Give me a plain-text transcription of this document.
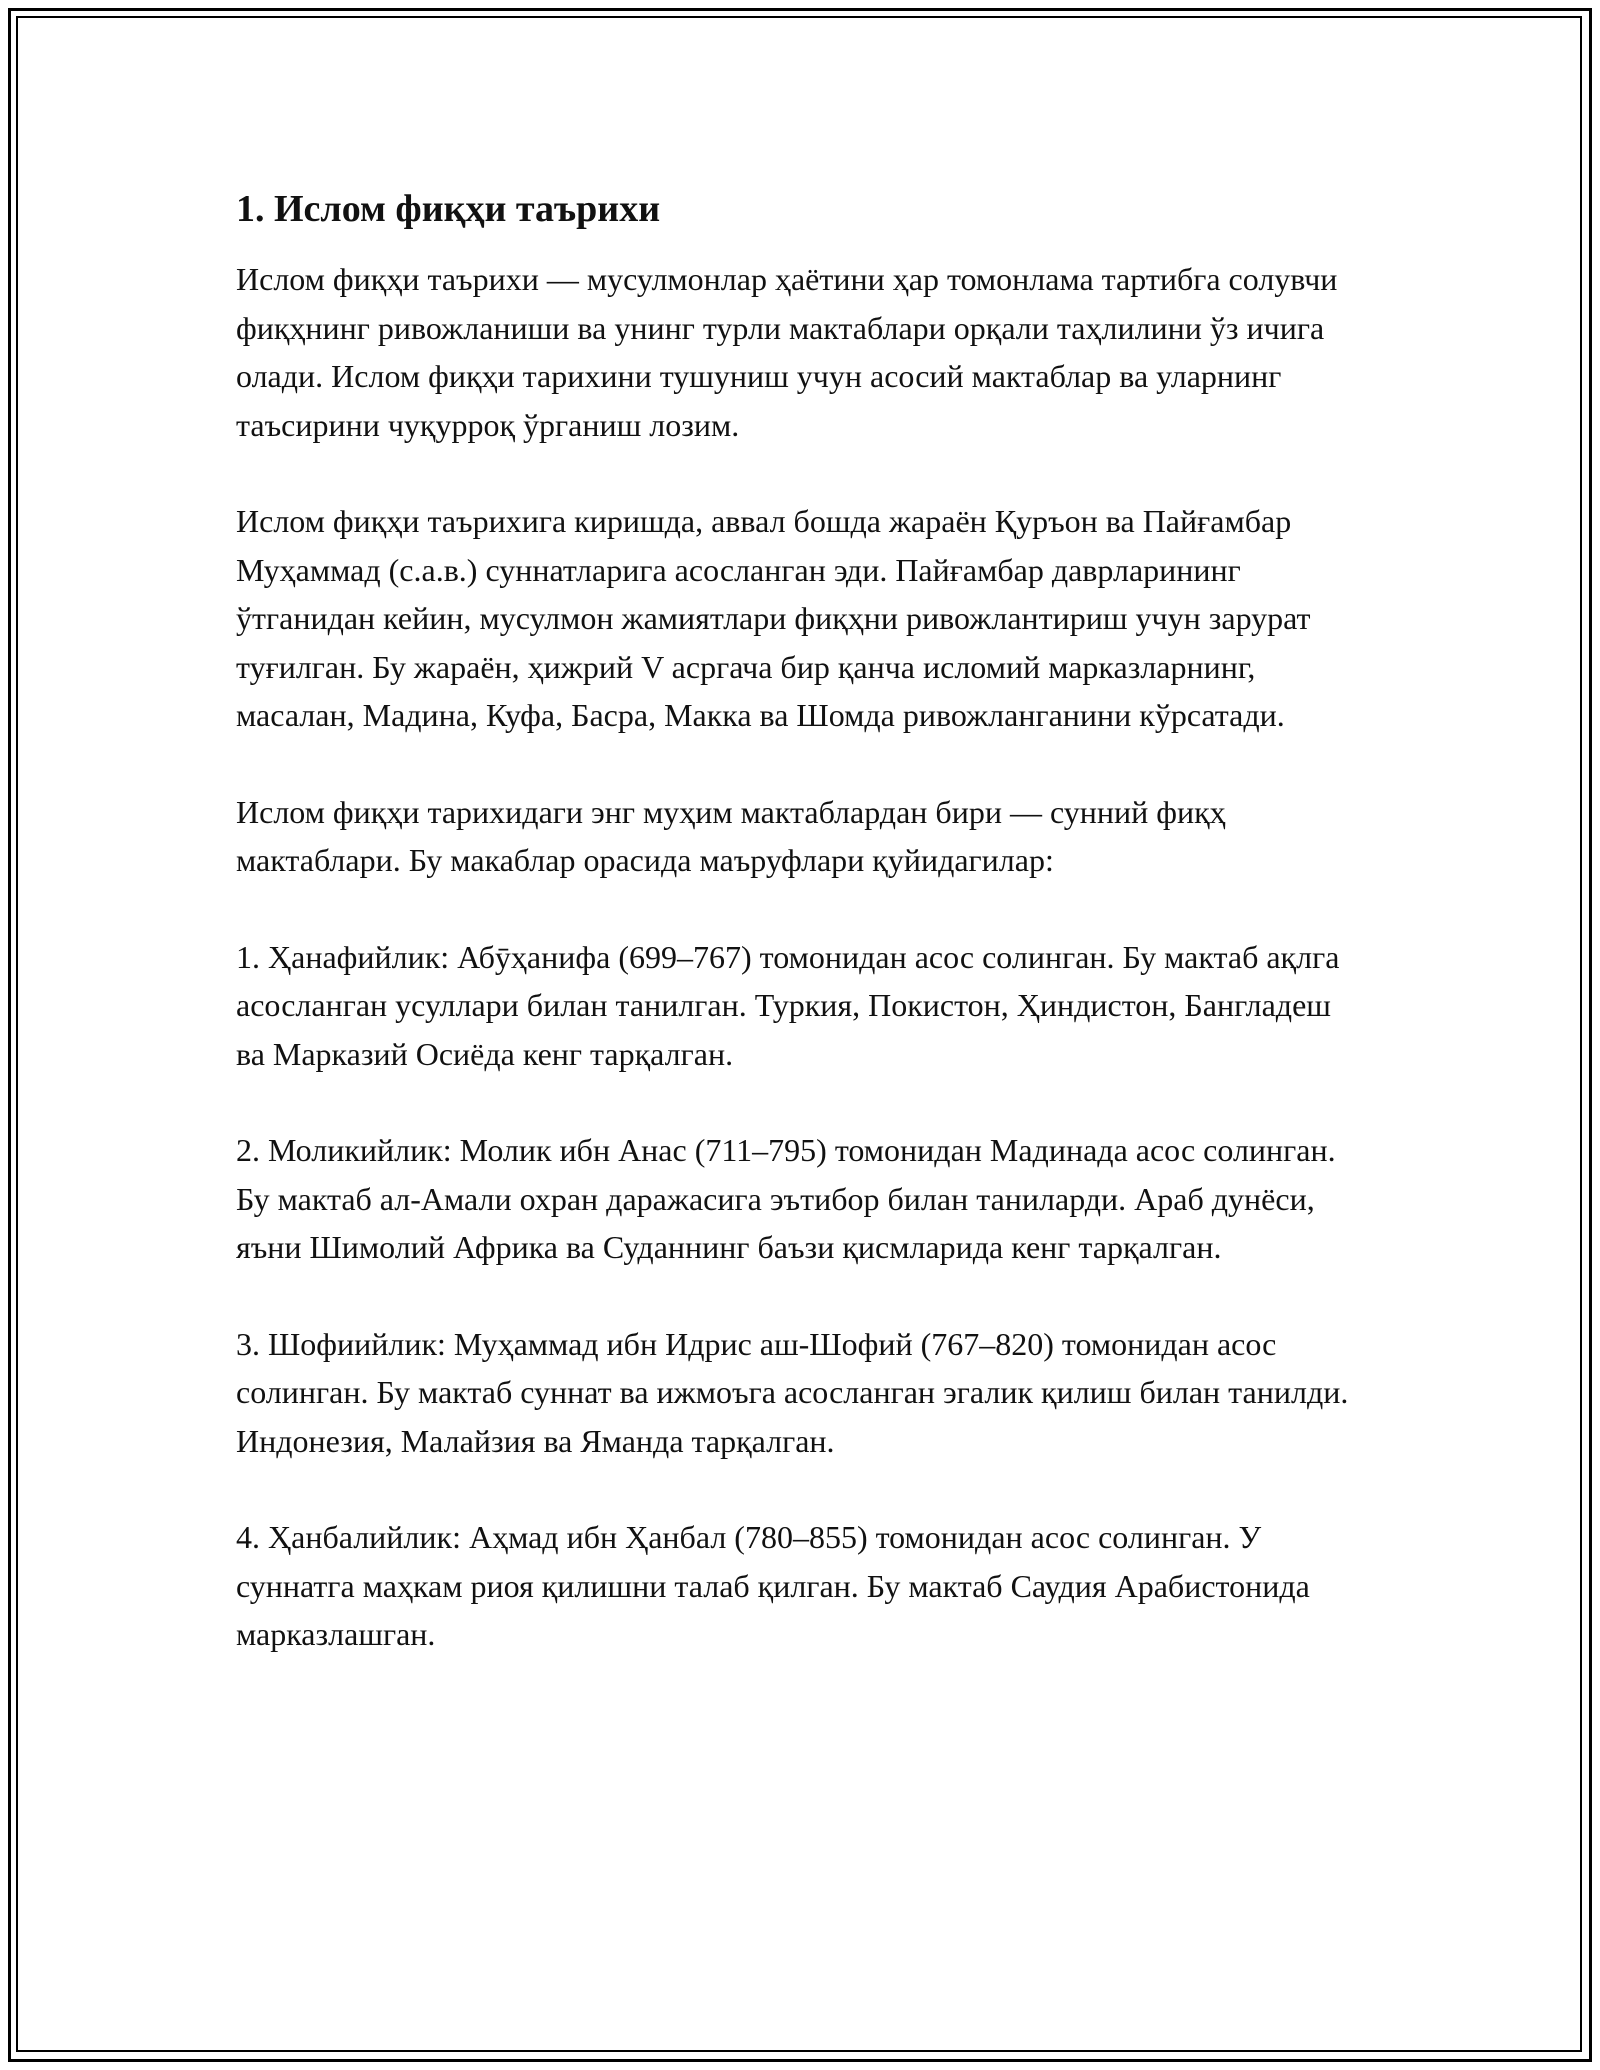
1. Ислом фиқҳи таърихи

Ислом фиқҳи таърихи — мусулмонлар ҳаётини ҳар томонлама тартибга солувчи фиқҳнинг ривожланиши ва унинг турли мактаблари орқали таҳлилини ўз ичига олади. Ислом фиқҳи тарихини тушуниш учун асосий мактаблар ва уларнинг таъсирини чуқурроқ ўрганиш лозим.

Ислом фиқҳи таърихига киришда, аввал бошда жараён Қуръон ва Пайғамбар Муҳаммад (с.а.в.) суннатларига асосланган эди. Пайғамбар даврларининг ўтганидан кейин, мусулмон жамиятлари фиқҳни ривожлантириш учун зарурат туғилган. Бу жараён, ҳижрий V асргача бир қанча исломий марказларнинг, масалан, Мадина, Куфа, Басра, Макка ва Шомда ривожланганини кўрсатади.

Ислом фиқҳи тарихидаги энг муҳим мактаблардан бири — сунний фиқҳ мактаблари. Бу макаблар орасида маъруфлари қуйидагилар:

1. Ҳанафийлик: Абӯҳанифа (699–767) томонидан асос солинган. Бу мактаб ақлга асосланган усуллари билан танилган. Туркия, Покистон, Ҳиндистон, Бангладеш ва Марказий Осиёда кенг тарқалган.

2. Моликийлик: Молик ибн Анас (711–795) томонидан Мадинада асос солинган. Бу мактаб ал-Амали охран даражасига эътибор билан таниларди. Араб дунёси, яъни Шимолий Африка ва Суданнинг баъзи қисмларида кенг тарқалган.

3. Шофиийлик: Муҳаммад ибн Идрис аш-Шофий (767–820) томонидан асос солинган. Бу мактаб суннат ва ижмоъга асосланган эгалик қилиш билан танилди. Индонезия, Малайзия ва Яманда тарқалган.

4. Ҳанбалийлик: Аҳмад ибн Ҳанбал (780–855) томонидан асос солинган. У суннатга маҳкам риоя қилишни талаб қилган. Бу мактаб Саудия Арабистонида марказлашган.
